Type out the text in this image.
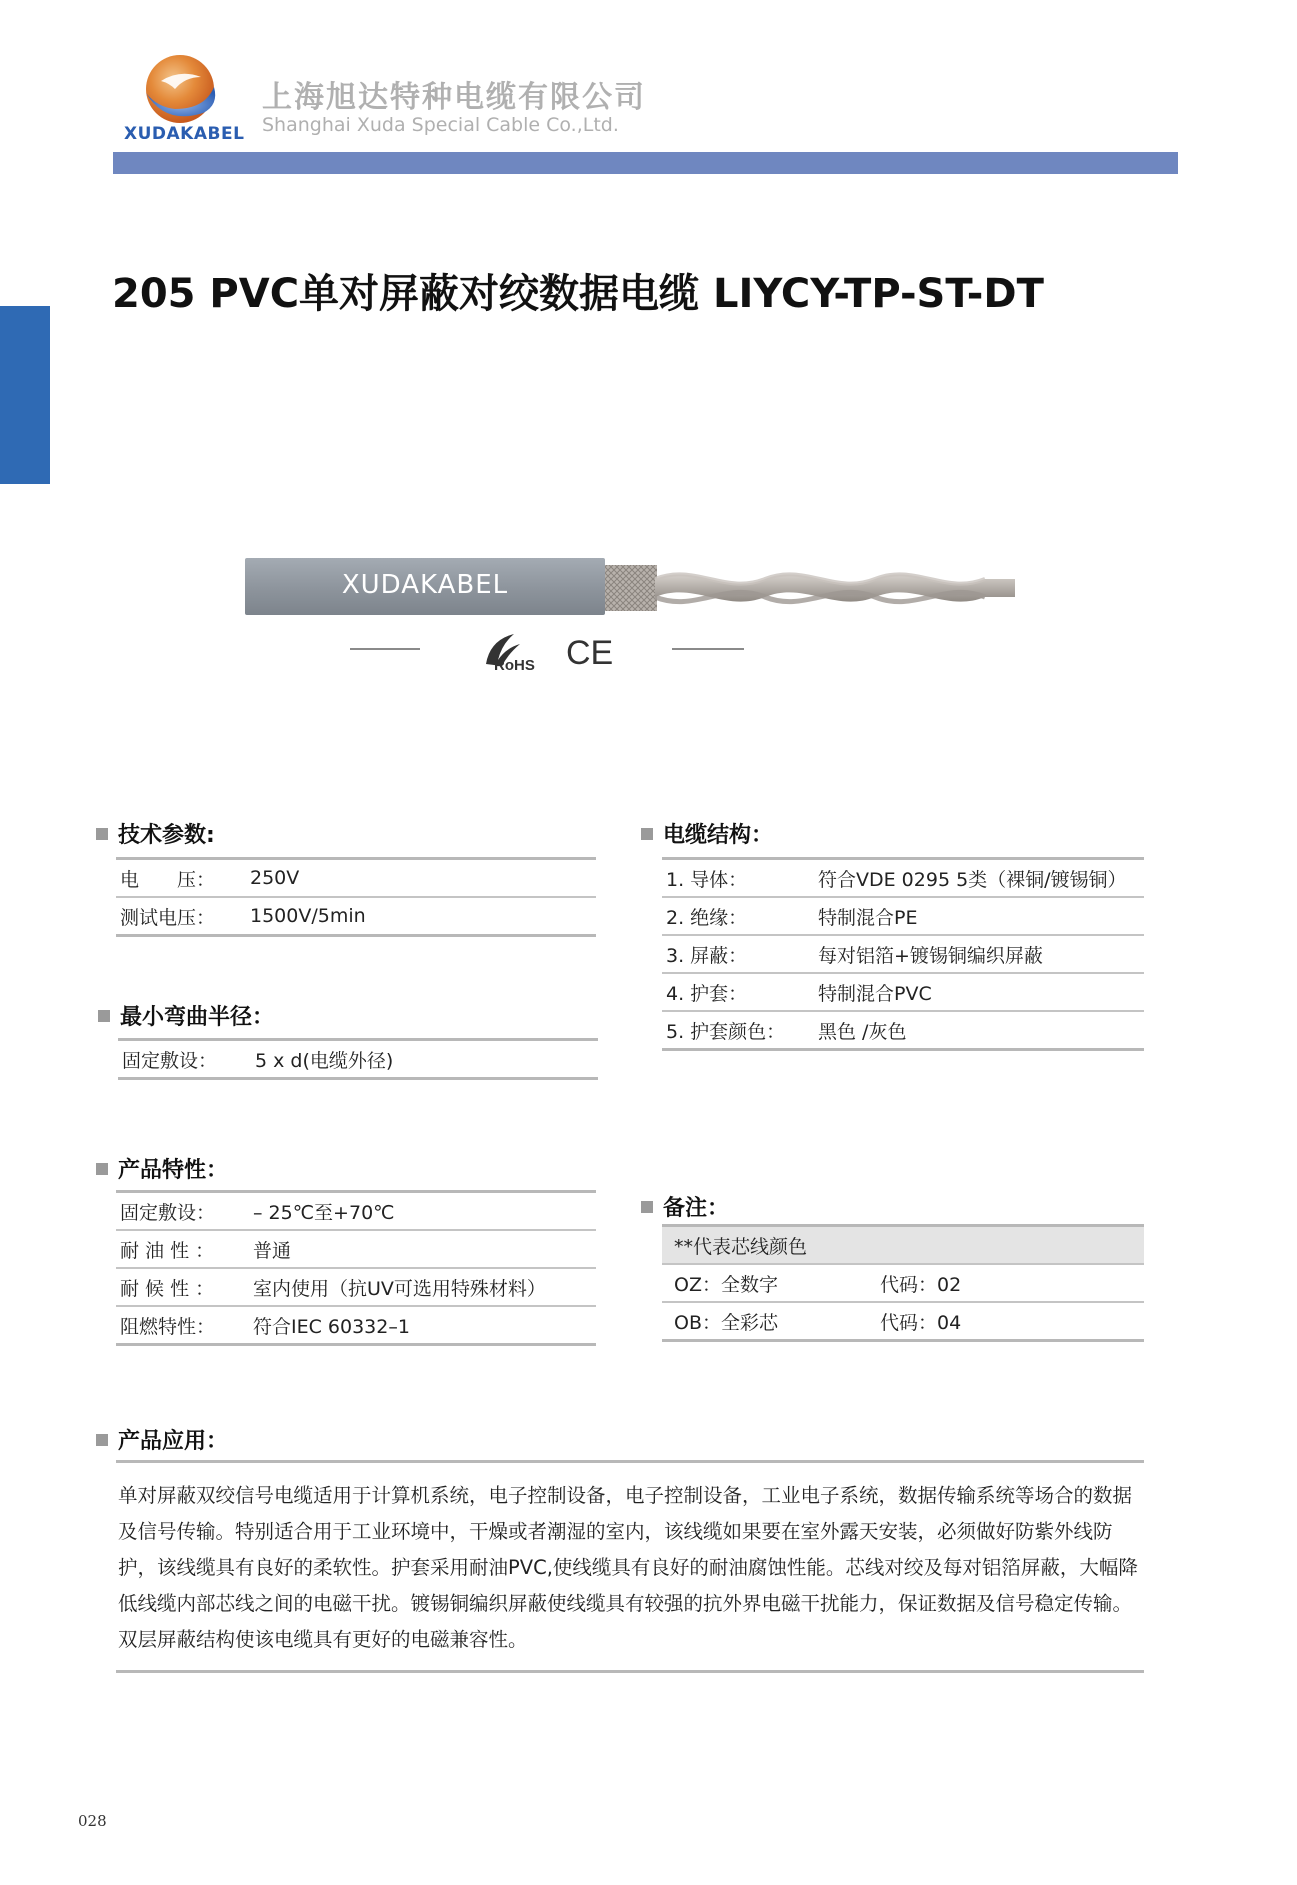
XUDAKABEL
上海旭达特种电缆有限公司
Shanghai Xuda Special Cable Co.,Ltd.
205 PVC单对屏蔽对绞数据电缆 LIYCY-TP-ST-DT
XUDAKABEL
RoHS CE
技术参数:
电　　压：	250V
测试电压：	1500V/5min
最小弯曲半径：
固定敷设：	5 x d(电缆外径)
产品特性：
固定敷设：	– 25℃至+70℃
耐 油 性 ：	普通
耐 候 性 ：	室内使用（抗UV可选用特殊材料）
阻燃特性：	符合IEC 60332–1
电缆结构：
1. 导体：	符合VDE 0295 5类（裸铜/镀锡铜）
2. 绝缘：	特制混合PE
3. 屏蔽：	每对铝箔+镀锡铜编织屏蔽
4. 护套：	特制混合PVC
5. 护套颜色：	黑色 /灰色
备注：
**代表芯线颜色
OZ：全数字	代码：02
OB：全彩芯	代码：04
产品应用：
单对屏蔽双绞信号电缆适用于计算机系统，电子控制设备，电子控制设备，工业电子系统，数据传输系统等场合的数据及信号传输。特别适合用于工业环境中，干燥或者潮湿的室内，该线缆如果要在室外露天安装，必须做好防紫外线防护，该线缆具有良好的柔软性。护套采用耐油PVC,使线缆具有良好的耐油腐蚀性能。芯线对绞及每对铝箔屏蔽，大幅降低线缆内部芯线之间的电磁干扰。镀锡铜编织屏蔽使线缆具有较强的抗外界电磁干扰能力，保证数据及信号稳定传输。双层屏蔽结构使该电缆具有更好的电磁兼容性。
028
